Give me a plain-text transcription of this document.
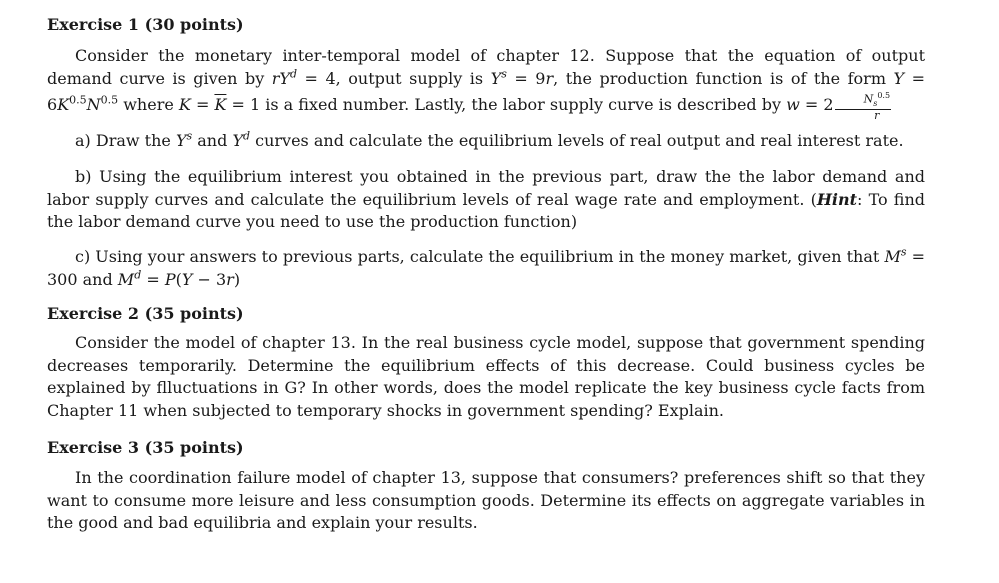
Exercise 1 (30 points)

Consider the monetary inter-temporal model of chapter 12. Suppose that the equation of output demand curve is given by $rY^d = 4$, output supply is $Y^s = 9r$, the production function is of the form $Y = 6K^{0.5}N^{0.5}$ where $K = \overline{K} = 1$ is a fixed number. Lastly, the labor supply curve is described by $w = 2 \frac{N_s^{0.5}}{r}$

a) Draw the $Y^s$ and $Y^d$ curves and calculate the equilibrium levels of real output and real interest rate.

b) Using the equilibrium interest you obtained in the previous part, draw the the labor demand and labor supply curves and calculate the equilibrium levels of real wage rate and employment. (Hint: To find the labor demand curve you need to use the production function)

c) Using your answers to previous parts, calculate the equilibrium in the money market, given that $M^s = 300$ and $M^d = P(Y - 3r)$

Exercise 2 (35 points)

Consider the model of chapter 13. In the real business cycle model, suppose that government spending decreases temporarily. Determine the equilibrium effects of this decrease. Could business cycles be explained by flluctuations in G? In other words, does the model replicate the key business cycle facts from Chapter 11 when subjected to temporary shocks in government spending? Explain.

Exercise 3 (35 points)

In the coordination failure model of chapter 13, suppose that consumers? preferences shift so that they want to consume more leisure and less consumption goods. Determine its effects on aggregate variables in the good and bad equilibria and explain your results.
